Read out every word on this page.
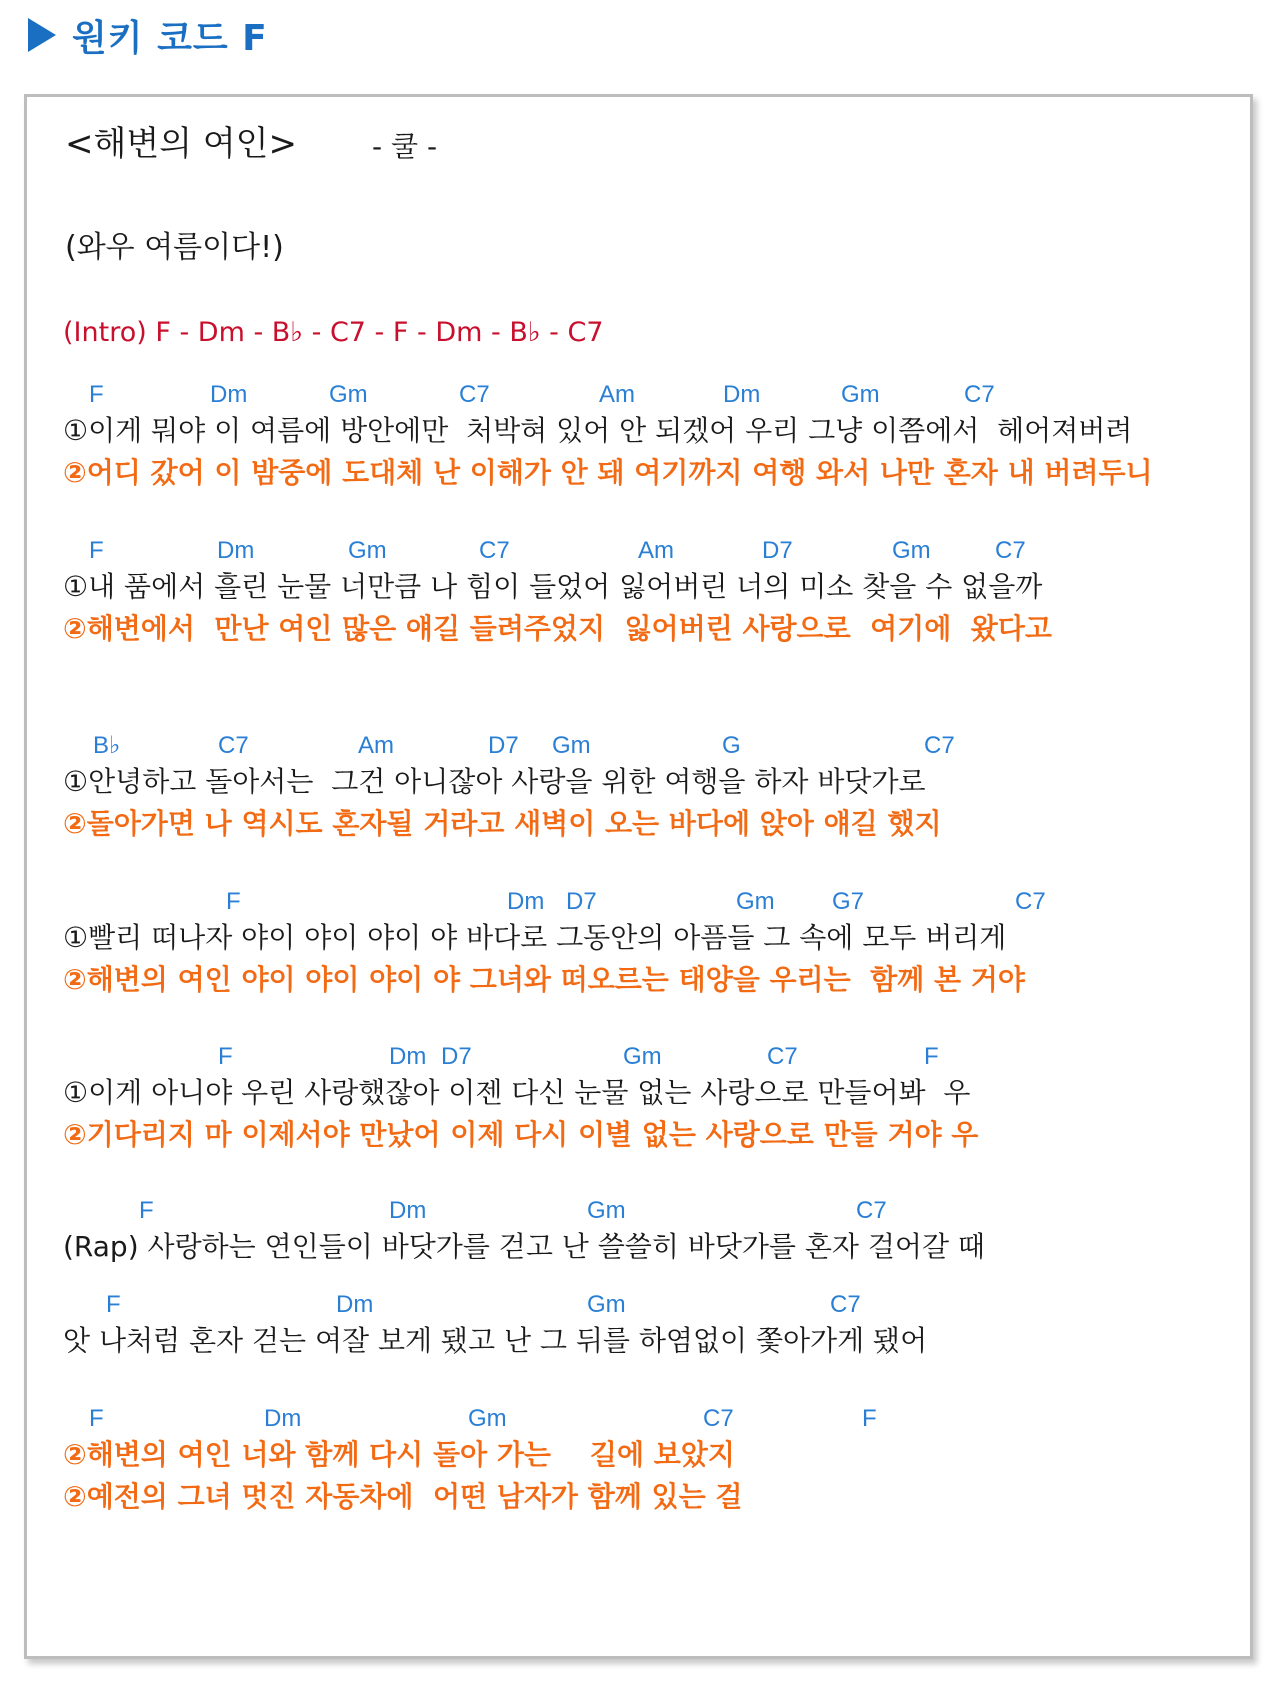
원키 코드 F
<해변의 여인>	- 쿨 -
(와우 여름이다!)
(Intro) F - Dm - B♭ - C7 - F - Dm - B♭ - C7
F	Dm	Gm	C7	Am	Dm	Gm	C7
①이게 뭐야 이 여름에 방안에만  처박혀 있어 안 되겠어 우리 그냥 이쯤에서  헤어져버려
②어디 갔어 이 밤중에 도대체 난 이해가 안 돼 여기까지 여행 와서 나만 혼자 내 버려두니
F	Dm	Gm	C7	Am	D7	Gm	C7
①내 품에서 흘린 눈물 너만큼 나 힘이 들었어 잃어버린 너의 미소 찾을 수 없을까
②해변에서  만난 여인 많은 얘길 들려주었지  잃어버린 사랑으로  여기에  왔다고
B♭	C7	Am	D7 Gm	G	C7
①안녕하고 돌아서는  그건 아니잖아 사랑을 위한 여행을 하자 바닷가로
②돌아가면 나 역시도 혼자될 거라고 새벽이 오는 바다에 앉아 얘길 했지
F	Dm D7	Gm G7	C7
①빨리 떠나자 야이 야이 야이 야 바다로 그동안의 아픔들 그 속에 모두 버리게
②해변의 여인 야이 야이 야이 야 그녀와 떠오르는 태양을 우리는  함께 본 거야
F	Dm D7	Gm	C7	F
①이게 아니야 우린 사랑했잖아 이젠 다신 눈물 없는 사랑으로 만들어봐  우
②기다리지 마 이제서야 만났어 이제 다시 이별 없는 사랑으로 만들 거야 우
F	Dm	Gm	C7
(Rap) 사랑하는 연인들이 바닷가를 걷고 난 쓸쓸히 바닷가를 혼자 걸어갈 때
F	Dm	Gm	C7
앗 나처럼 혼자 걷는 여잘 보게 됐고 난 그 뒤를 하염없이 쫓아가게 됐어
F	Dm	Gm	C7	F
②해변의 여인 너와 함께 다시 돌아 가는    길에 보았지
②예전의 그녀 멋진 자동차에  어떤 남자가 함께 있는 걸
